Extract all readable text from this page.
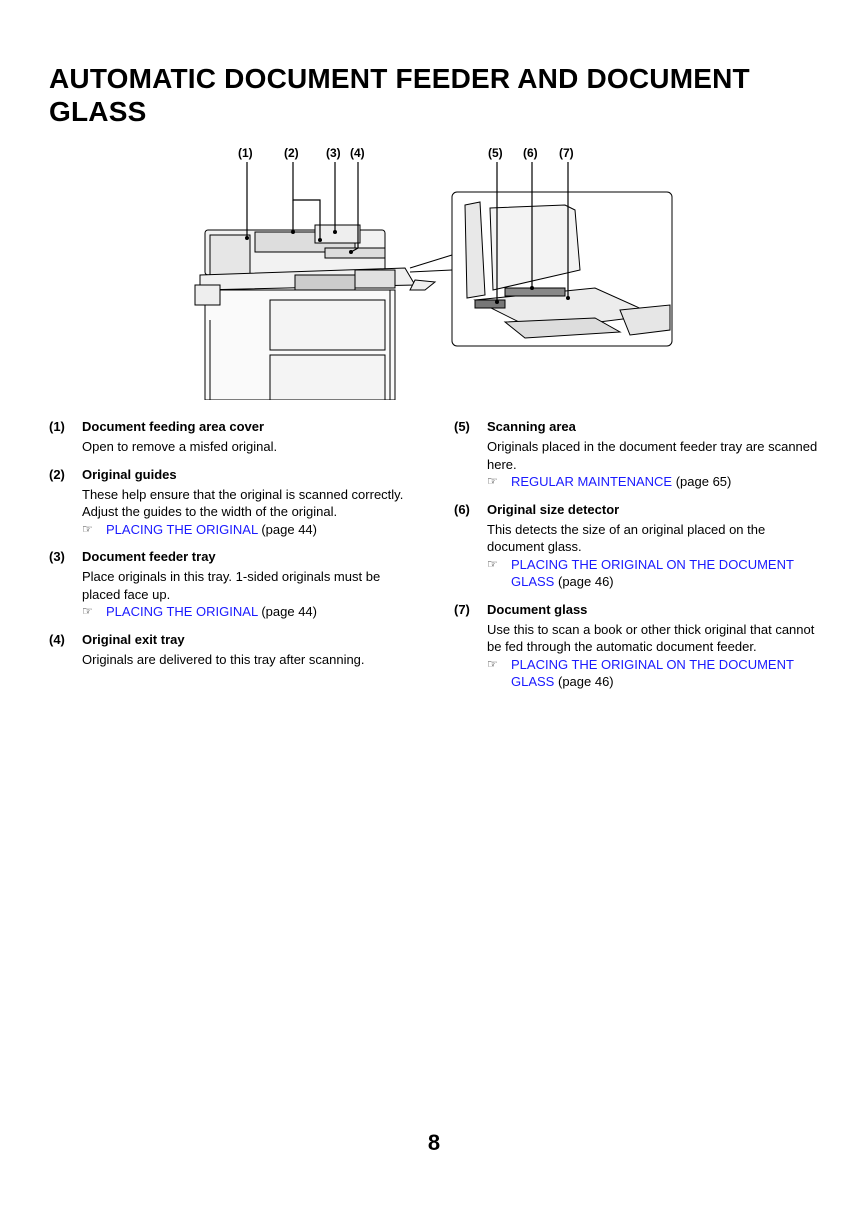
AUTOMATIC DOCUMENT FEEDER AND DOCUMENT GLASS
(1)	(2) (3) (4)	(5) (6) (7)
(1)	Document feeding area cover
Open to remove a misfed original.
(2)	Original guides
These help ensure that the original is scanned correctly. Adjust the guides to the width of the original.
☞	PLACING THE ORIGINAL (page 44)
(3)	Document feeder tray
Place originals in this tray. 1-sided originals must be placed face up.
☞	PLACING THE ORIGINAL (page 44)
(4)	Original exit tray
Originals are delivered to this tray after scanning.
(5)	Scanning area
Originals placed in the document feeder tray are scanned here.
☞	REGULAR MAINTENANCE (page 65)
(6)	Original size detector
This detects the size of an original placed on the document glass.
☞	PLACING THE ORIGINAL ON THE DOCUMENT GLASS (page 46)
(7)	Document glass
Use this to scan a book or other thick original that cannot be fed through the automatic document feeder.
☞	PLACING THE ORIGINAL ON THE DOCUMENT GLASS (page 46)
8
